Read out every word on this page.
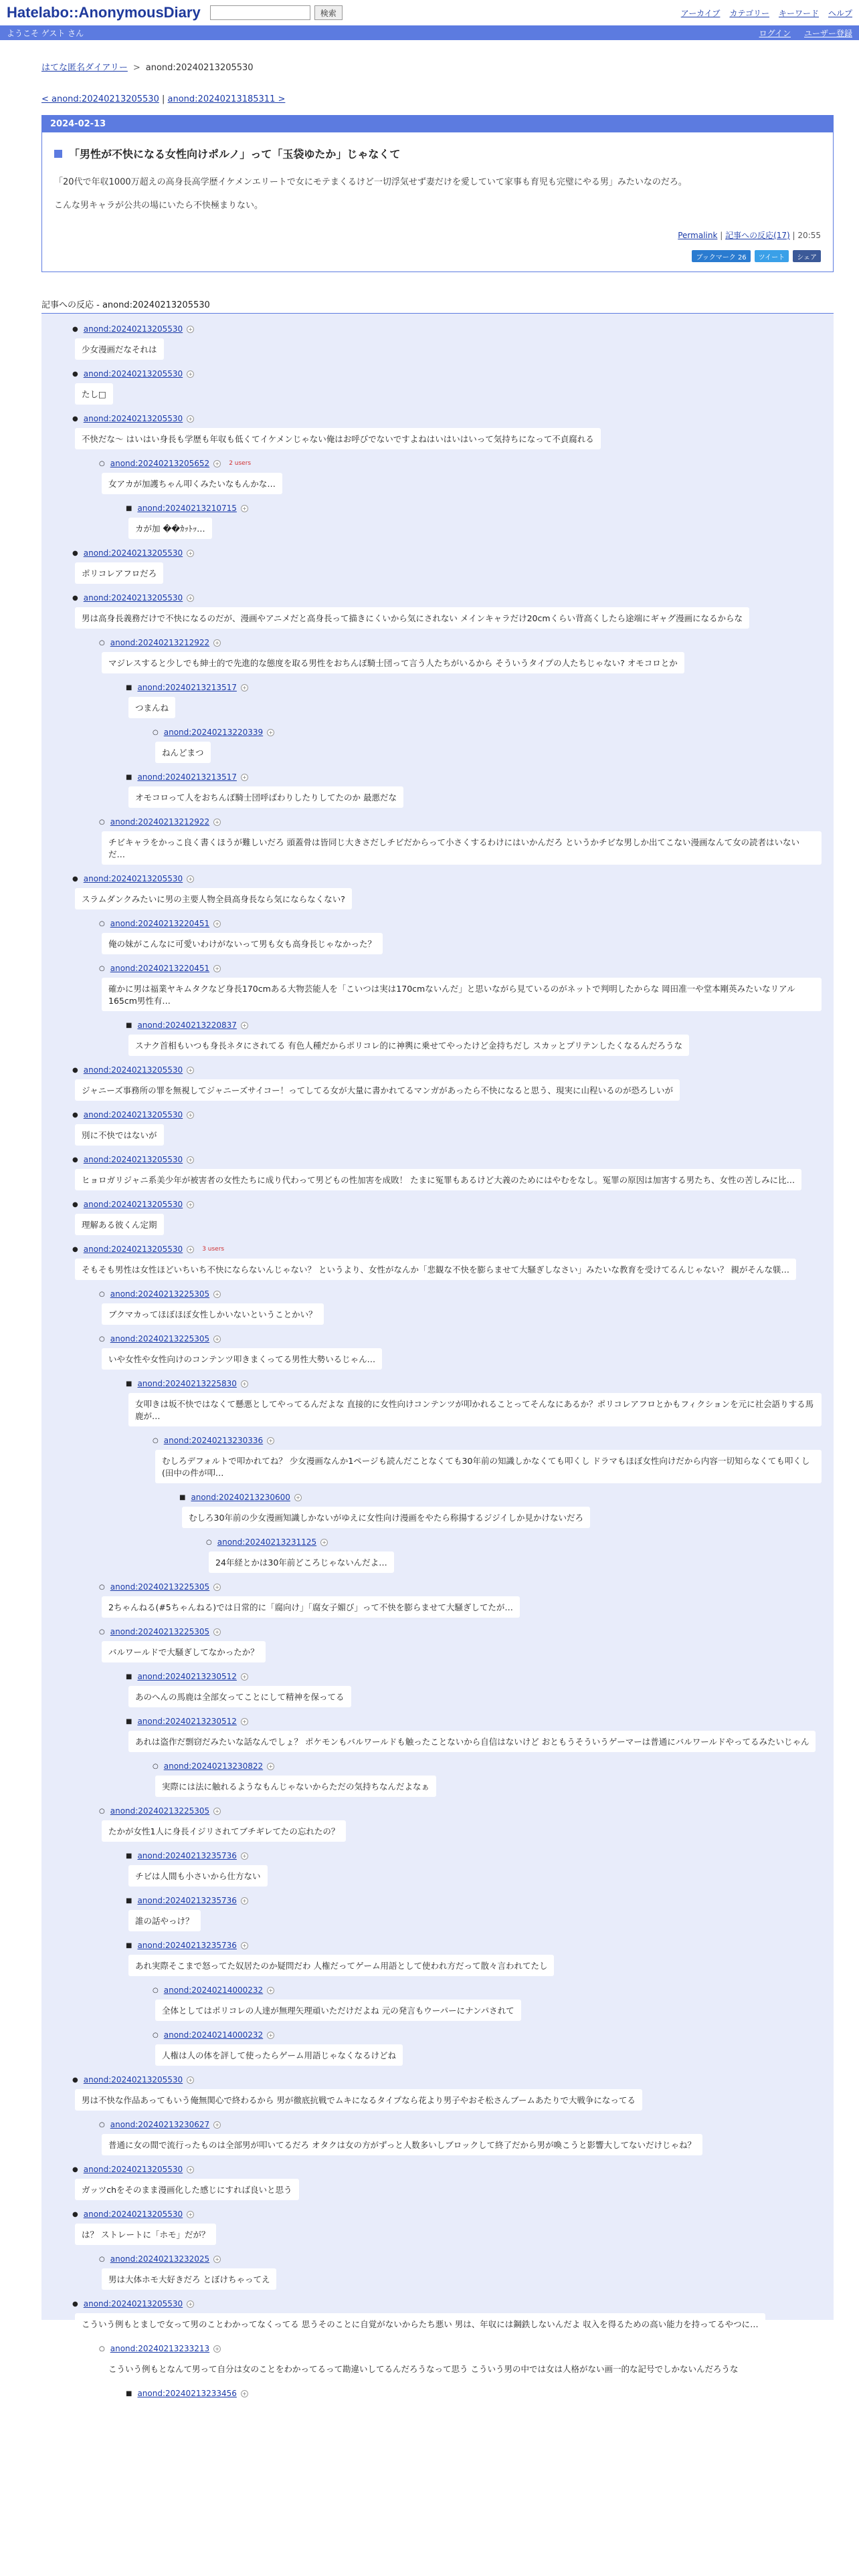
Hatelabo::AnonymousDiary	検索	アーカイブ カテゴリー キーワード ヘルプ
ようこそ ゲスト さん	ログイン ユーザー登録
はてな匿名ダイアリー > anond:20240213205530
< anond:20240213205530 | anond:20240213185311 >
2024-02-13
「男性が不快になる女性向けポルノ」って「玉袋ゆたか」じゃなくて

「20代で年収1000万超えの高身長高学歴イケメンエリートで女にモテまくるけど一切浮気せず妻だけを愛していて家事も育児も完璧にやる男」みたいなのだろ。

こんな男キャラが公共の場にいたら不快極まりない。

Permalink | 記事への反応(17) | 20:55
ブックマーク 26	ツイート	シェア
記事への反応 - anond:20240213205530
● anond:20240213205530 +
少女漫画だなそれは
● anond:20240213205530 +
たし□
● anond:20240213205530 +
不快だな〜 はいはい身長も学歴も年収も低くてイケメンじゃない俺はお呼びでないですよねはいはいはいって気持ちになって不貞腐れる
○ anond:20240213205652 + 2 users
女アカが加護ちゃん叩くみたいなもんかな…
■ anond:20240213210715 +
カが加 ��ｶｯﾄｯ…
● anond:20240213205530 +
ポリコレアフロだろ
● anond:20240213205530 +
男は高身長義務だけで不快になるのだが、漫画やアニメだと高身長って描きにくいから気にされない メインキャラだけ20cmくらい背高くしたら途端にギャグ漫画になるからな
○ anond:20240213212922 +
マジレスすると少しでも紳士的で先進的な態度を取る男性をおちんぽ騎士団って言う人たちがいるから そういうタイプの人たちじゃない? オモコロとか
■ anond:20240213213517 +
つまんね
○ anond:20240213220339 +
ねんどまつ
■ anond:20240213213517 +
オモコロって人をおちんぽ騎士団呼ばわりしたりしてたのか 最悪だな
○ anond:20240213212922 +
チビキャラをかっこ良く書くほうが難しいだろ 頭蓋骨は皆同じ大きさだしチビだからって小さくするわけにはいかんだろ というかチビな男しか出てこない漫画なんて女の読者はいないだ…
● anond:20240213205530 +
スラムダンクみたいに男の主要人物全員高身長なら気にならなくない?
○ anond:20240213220451 +
俺の妹がこんなに可愛いわけがないって男も女も高身長じゃなかった？
○ anond:20240213220451 +
確かに男は福業ヤキムタクなど身長170cmある大物芸能人を「こいつは実は170cmないんだ」と思いながら見ているのがネットで判明したからな 岡田准一や堂本剛英みたいなリアル165cm男性有…
■ anond:20240213220837 +
スナク首相もいつも身長ネタにされてる 有色人種だからポリコレ的に神輿に乗せてやったけど金持ちだし スカッとプリテンしたくなるんだろうな
● anond:20240213205530 +
ジャニーズ事務所の罪を無視してジャニーズサイコー！ってしてる女が大量に書かれてるマンガがあったら不快になると思う、現実に山程いるのが恐ろしいが
● anond:20240213205530 +
別に不快ではないが
● anond:20240213205530 +
ヒョロガリジャニ系美少年が被害者の女性たちに成り代わって男どもの性加害を成敗！ たまに冤罪もあるけど大義のためにはやむをなし。冤罪の原因は加害する男たち、女性の苦しみに比…
● anond:20240213205530 +
理解ある彼くん定期
● anond:20240213205530 + 3 users
そもそも男性は女性ほどいちいち不快にならないんじゃない？ というより、女性がなんか「悲観な不快を膨らませて大騒ぎしなさい」みたいな教育を受けてるんじゃない？ 親がそんな躾…
○ anond:20240213225305 +
ブクマカってほぼほぼ女性しかいないということかい？
○ anond:20240213225305 +
いや女性や女性向けのコンテンツ叩きまくってる男性大勢いるじゃん…
■ anond:20240213225830 +
女叩きは坂不快ではなくて懸悪としてやってるんだよな 直接的に女性向けコンテンツが叩かれることってそんなにあるか？ポリコレアフロとかもフィクションを元に社会語りする馬鹿が…
○ anond:20240213230336 +
むしろデフォルトで叩かれてね？ 少女漫画なんか1ページも読んだことなくても30年前の知識しかなくても叩くし ドラマもほぼ女性向けだから内容一切知らなくても叩くし (田中の件が叩…
■ anond:20240213230600 +
むしろ30年前の少女漫画知識しかないがゆえに女性向け漫画をやたら称揚するジジイしか見かけないだろ
○ anond:20240213231125 +
24年経とかは30年前どころじゃないんだよ…
○ anond:20240213225305 +
2ちゃんねる(#5ちゃんねる)では日常的に「腐向け」「腐女子媚び」って不快を膨らませて大騒ぎしてたが…
○ anond:20240213225305 +
バルワールドで大騒ぎしてなかったか？
■ anond:20240213230512 +
あのへんの馬鹿は全部女ってことにして精神を保ってる
■ anond:20240213230512 +
あれは盗作だ剽窃だみたいな話なんでしょ？ ポケモンもバルワールドも触ったことないから自信はないけど おともうそういうゲーマーは普通にバルワールドやってるみたいじゃん
○ anond:20240213230822 +
実際には法に触れるようなもんじゃないからただの気持ちなんだよなぁ
○ anond:20240213225305 +
たかが女性1人に身長イジリされてブチギレてたの忘れたの？
■ anond:20240213235736 +
チビは人間も小さいから仕方ない
■ anond:20240213235736 +
誰の話やっけ？
■ anond:20240213235736 +
あれ実際そこまで怒ってた奴居たのか疑問だわ 人権だってゲーム用語として使われ方だって散々言われてたし
○ anond:20240214000232 +
全体としてはポリコレの人達が無理矢理頑いただけだよね 元の発言もウーパーにナンパされて
○ anond:20240214000232 +
人権は人の体を評して使ったらゲーム用語じゃなくなるけどね
● anond:20240213205530 +
男は不快な作品あってもいう俺無関心で終わるから 男が徹底抗戦でムキになるタイプなら花より男子やおそ松さんブームあたりで大戦争になってる
○ anond:20240213230627 +
普通に女の間で流行ったものは全部男が叩いてるだろ オタクは女の方がずっと人数多いしブロックして終了だから男が喚こうと影響大してないだけじゃね？
● anond:20240213205530 +
ガッツchをそのまま漫画化した感じにすれば良いと思う
● anond:20240213205530 +
は？ ストレートに「ホモ」だが？
○ anond:20240213232025 +
男は大体ホモ大好きだろ とぼけちゃってえ
● anond:20240213205530 +
こういう例もとましで女って男のことわかってなくってる 思うそのことに自覚がないからたち悪い 男は、年収には鋼鉄しないんだよ 収入を得るための高い能力を持ってるやつに…
○ anond:20240213233213 +
こういう例もとなんて男って自分は女のことをわかってるって勘違いしてるんだろうなって思う こういう男の中では女は人格がない画一的な記号でしかないんだろうな
■ anond:20240213233456 +
